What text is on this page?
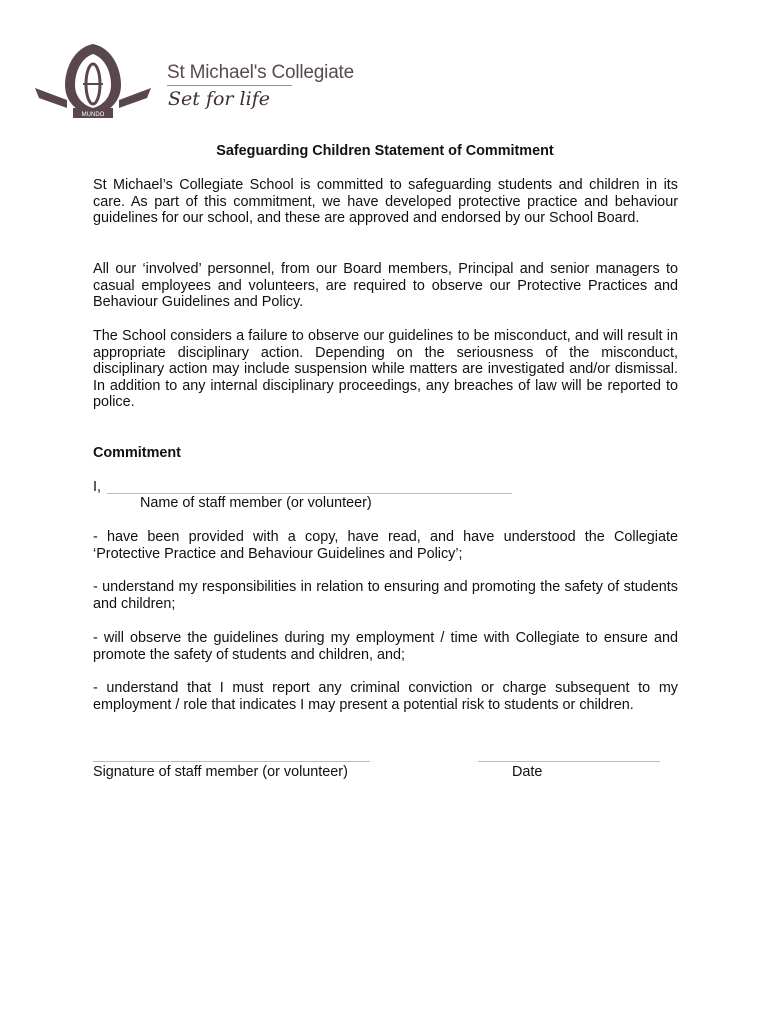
MUNDO
St Michael's Collegiate
Set for life
Safeguarding Children Statement of Commitment
St Michael’s Collegiate School is committed to safeguarding students and children in its care. As part of this commitment, we have developed protective practice and behaviour guidelines for our school, and these are approved and endorsed by our School Board.
All our ‘involved’ personnel, from our Board members, Principal and senior managers to casual employees and volunteers, are required to observe our Protective Practices and Behaviour Guidelines and Policy.
The School considers a failure to observe our guidelines to be misconduct, and will result in appropriate disciplinary action. Depending on the seriousness of the misconduct, disciplinary action may include suspension while matters are investigated and/or dismissal. In addition to any internal disciplinary proceedings, any breaches of law will be reported to police.
Commitment
I,
Name of staff member (or volunteer)
- have been provided with a copy, have read, and have understood the Collegiate ‘Protective Practice and Behaviour Guidelines and Policy’;
- understand my responsibilities in relation to ensuring and promoting the safety of students and children;
- will observe the guidelines during my employment / time with Collegiate to ensure and promote the safety of students and children, and;
- understand that I must report any criminal conviction or charge subsequent to my employment / role that indicates I may present a potential risk to students or children.
Signature of staff member (or volunteer)	Date
